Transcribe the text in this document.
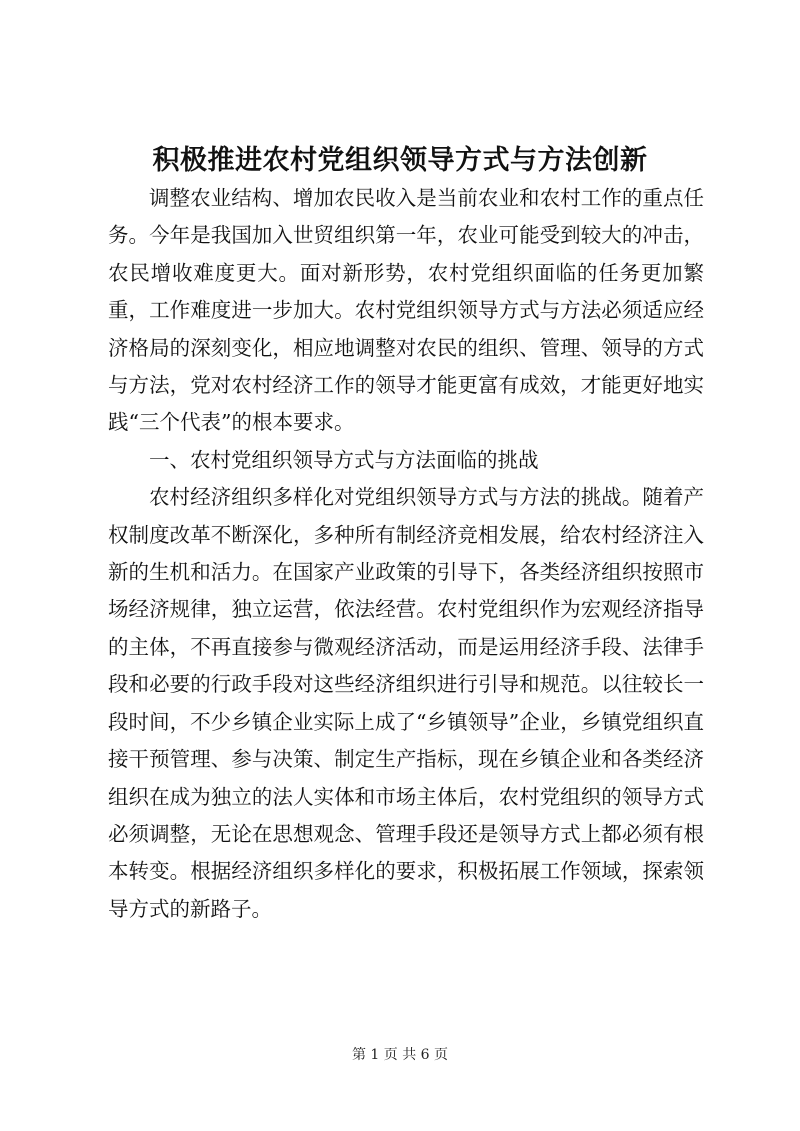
积极推进农村党组织领导方式与方法创新

调整农业结构、增加农民收入是当前农业和农村工作的重点任务。今年是我国加入世贸组织第一年，农业可能受到较大的冲击，农民增收难度更大。面对新形势，农村党组织面临的任务更加繁重，工作难度进一步加大。农村党组织领导方式与方法必须适应经济格局的深刻变化，相应地调整对农民的组织、管理、领导的方式与方法，党对农村经济工作的领导才能更富有成效，才能更好地实践“三个代表”的根本要求。

一、农村党组织领导方式与方法面临的挑战

农村经济组织多样化对党组织领导方式与方法的挑战。随着产权制度改革不断深化，多种所有制经济竞相发展，给农村经济注入新的生机和活力。在国家产业政策的引导下，各类经济组织按照市场经济规律，独立运营，依法经营。农村党组织作为宏观经济指导的主体，不再直接参与微观经济活动，而是运用经济手段、法律手段和必要的行政手段对这些经济组织进行引导和规范。以往较长一段时间，不少乡镇企业实际上成了“乡镇领导”企业，乡镇党组织直接干预管理、参与决策、制定生产指标，现在乡镇企业和各类经济组织在成为独立的法人实体和市场主体后，农村党组织的领导方式必须调整，无论在思想观念、管理手段还是领导方式上都必须有根本转变。根据经济组织多样化的要求，积极拓展工作领域，探索领导方式的新路子。

第 1 页 共 6 页
